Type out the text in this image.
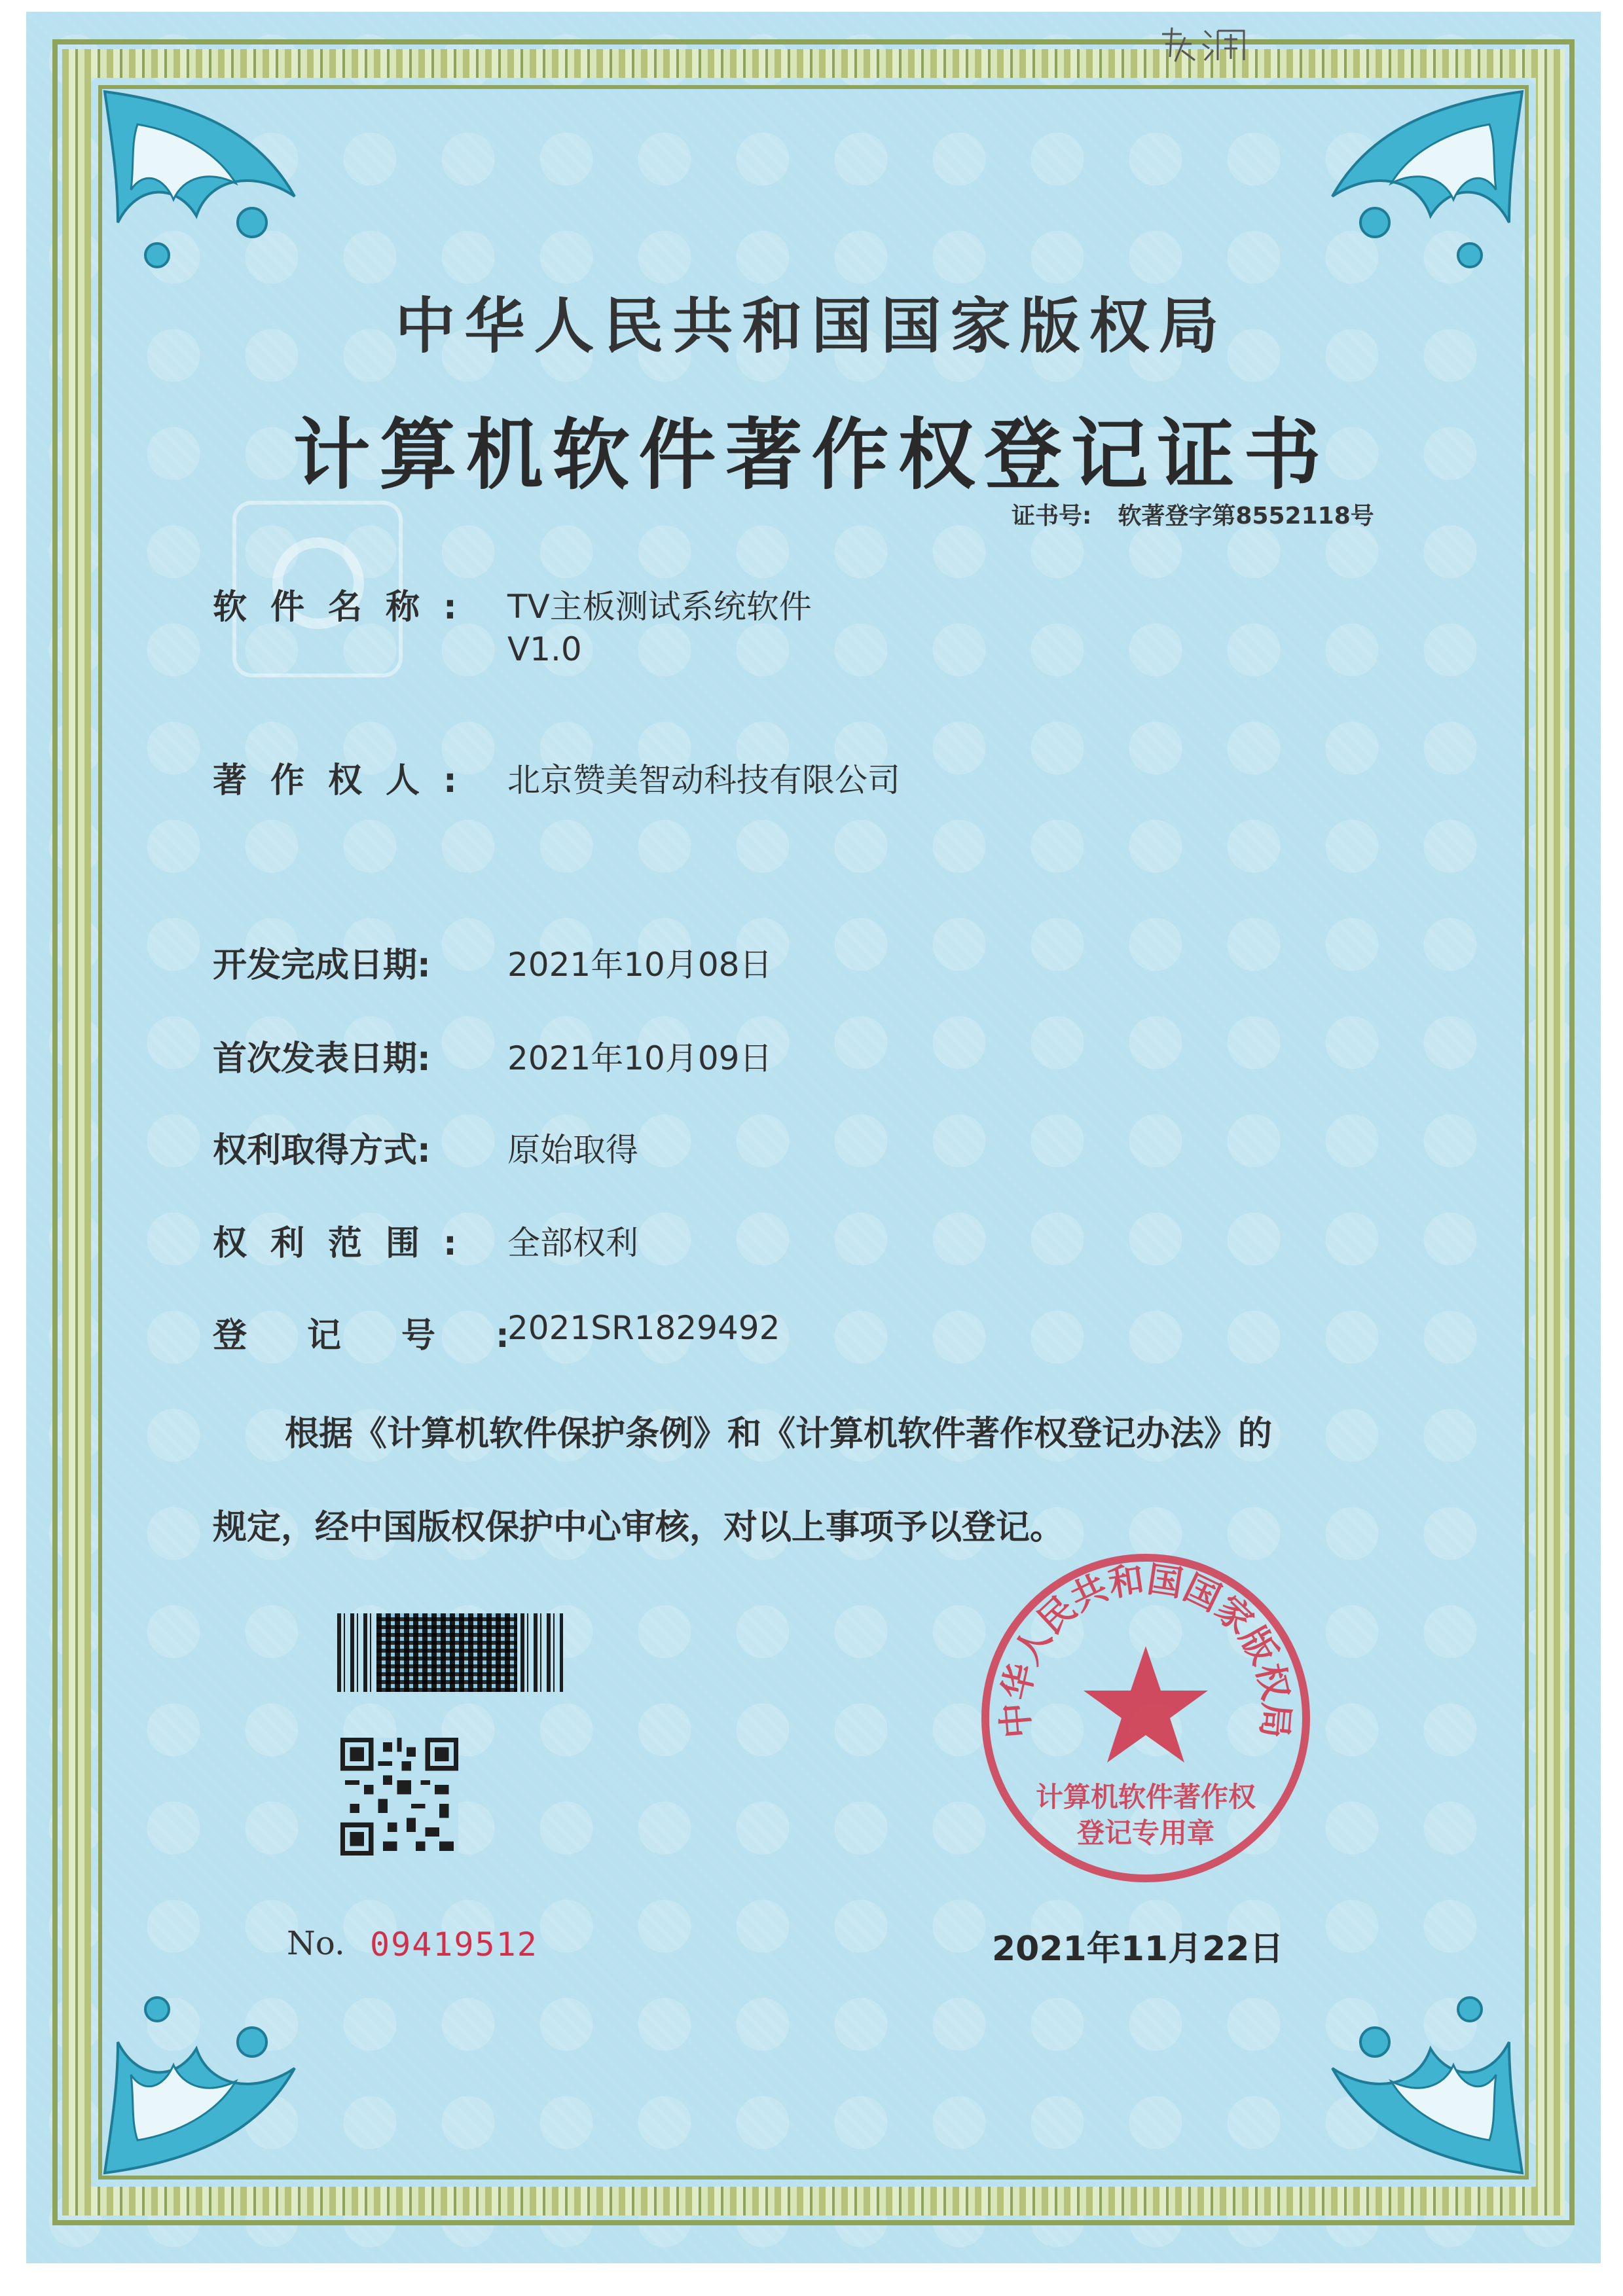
中华人民共和国国家版权局
计算机软件著作权登记证书
证书号: 软著登字第8552118号
软件名称: TV主板测试系统软件
V1.0
著作权人: 北京赞美智动科技有限公司
开发完成日期: 2021年10月08日
首次发表日期: 2021年10月09日
权利取得方式: 原始取得
权利范围: 全部权利
登记号:
2021SR1829492
根据《计算机软件保护条例》和《计算机软件著作权登记办法》的
规定，经中国版权保护中心审核，对以上事项予以登记。
中华人民共和国国家版权局
计算机软件著作权
登记专用章
No. 09419512	2021年11月22日
